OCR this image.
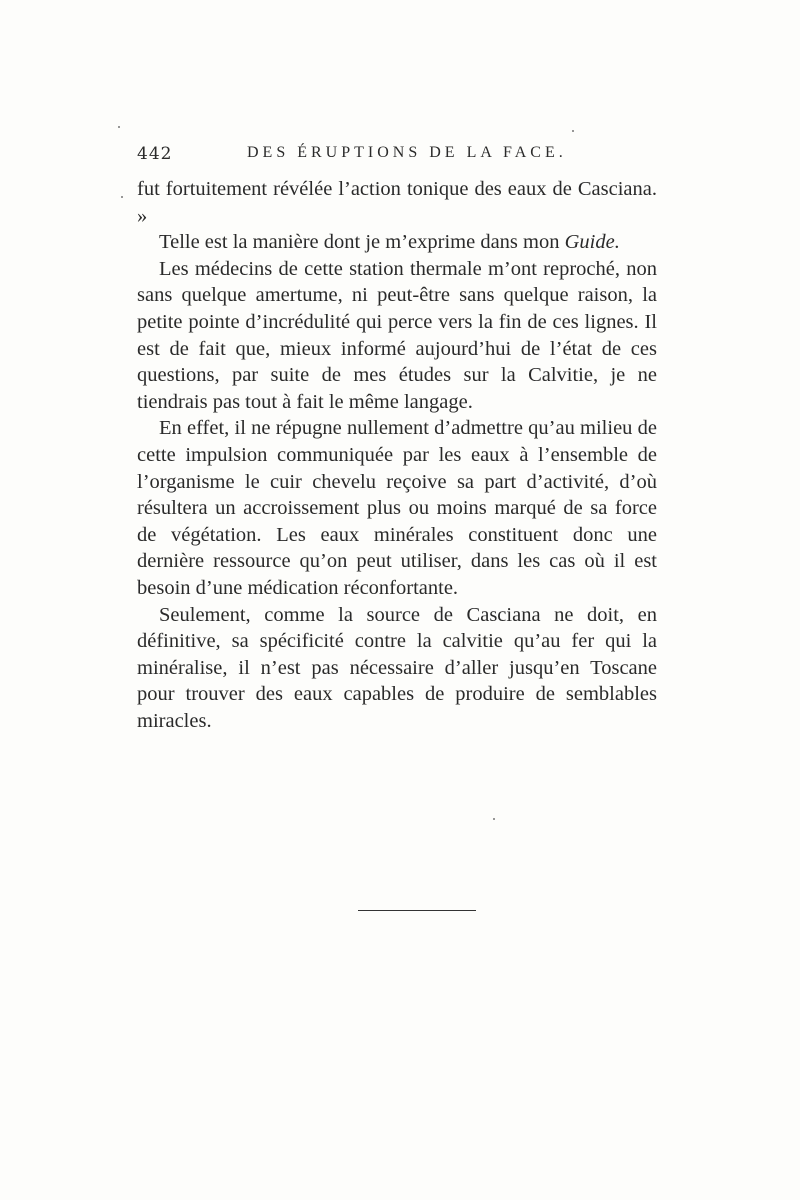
442	DES ÉRUPTIONS DE LA FACE.

fut fortuitement révélée l’action tonique des eaux de Casciana. »

Telle est la manière dont je m’exprime dans mon Guide.

Les médecins de cette station thermale m’ont reproché, non sans quelque amertume, ni peut-être sans quelque raison, la petite pointe d’incrédulité qui perce vers la fin de ces lignes. Il est de fait que, mieux informé aujourd’hui de l’état de ces questions, par suite de mes études sur la Calvitie, je ne tiendrais pas tout à fait le même langage.

En effet, il ne répugne nullement d’admettre qu’au milieu de cette impulsion communiquée par les eaux à l’ensemble de l’organisme le cuir chevelu reçoive sa part d’activité, d’où résultera un accroissement plus ou moins marqué de sa force de végétation. Les eaux minérales constituent donc une dernière ressource qu’on peut utiliser, dans les cas où il est besoin d’une médication réconfortante.

Seulement, comme la source de Casciana ne doit, en définitive, sa spécificité contre la calvitie qu’au fer qui la minéralise, il n’est pas nécessaire d’aller jusqu’en Toscane pour trouver des eaux capables de produire de semblables miracles.
